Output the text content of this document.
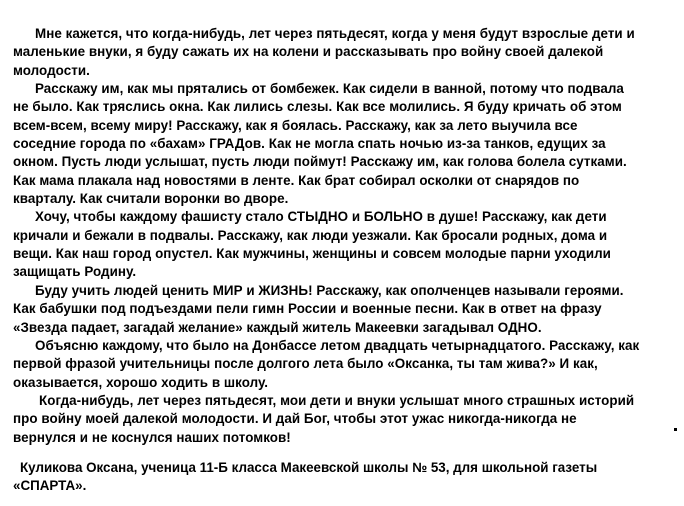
Мне кажется, что когда-нибудь, лет через пятьдесят, когда у меня будут взрослые дети и
маленькие внуки, я буду сажать их на колени и рассказывать про войну своей далекой
молодости.

Расскажу им, как мы прятались от бомбежек. Как сидели в ванной, потому что подвала
не было. Как тряслись окна. Как лились слезы. Как все молились. Я буду кричать об этом
всем-всем, всему миру! Расскажу, как я боялась. Расскажу, как за лето выучила все
соседние города по «бахам» ГРАДов. Как не могла спать ночью из-за танков, едущих за
окном. Пусть люди услышат, пусть люди поймут! Расскажу им, как голова болела сутками.
Как мама плакала над новостями в ленте. Как брат собирал осколки от снарядов по
кварталу. Как считали воронки во дворе.

Хочу, чтобы каждому фашисту стало СТЫДНО и БОЛЬНО в душе! Расскажу, как дети
кричали и бежали в подвалы. Расскажу, как люди уезжали. Как бросали родных, дома и
вещи. Как наш город опустел. Как мужчины, женщины и совсем молодые парни уходили
защищать Родину.

Буду учить людей ценить МИР и ЖИЗНЬ! Расскажу, как ополченцев называли героями.
Как бабушки под подъездами пели гимн России и военные песни. Как в ответ на фразу
«Звезда падает, загадай желание» каждый житель Макеевки загадывал ОДНО.
Объясню каждому, что было на Донбассе летом двадцать четырнадцатого. Расскажу, как
первой фразой учительницы после долгого лета было «Оксанка, ты там жива?» И как,
оказывается, хорошо ходить в школу.

Когда-нибудь, лет через пятьдесят, мои дети и внуки услышат много страшных историй
про войну моей далекой молодости. И дай Бог, чтобы этот ужас никогда-никогда не
вернулся и не коснулся наших потомков!

Куликова Оксана, ученица 11-Б класса Макеевской школы № 53, для школьной газеты
«СПАРТА».
